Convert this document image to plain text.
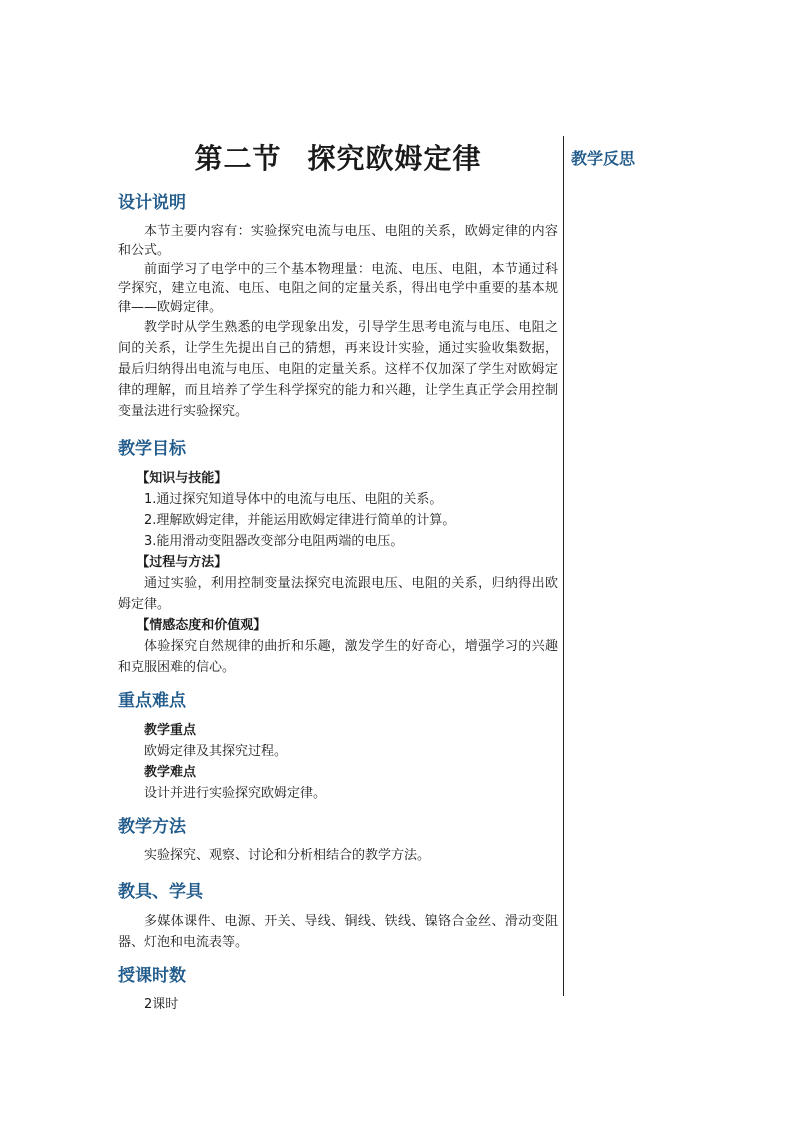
第二节 探究欧姆定律
设计说明

本节主要内容有：实验探究电流与电压、电阻的关系，欧姆定律的内容和公式。

前面学习了电学中的三个基本物理量：电流、电压、电阻，本节通过科学探究，建立电流、电压、电阻之间的定量关系，得出电学中重要的基本规律——欧姆定律。

教学时从学生熟悉的电学现象出发，引导学生思考电流与电压、电阻之间的关系，让学生先提出自己的猜想，再来设计实验，通过实验收集数据，最后归纳得出电流与电压、电阻的定量关系。这样不仅加深了学生对欧姆定律的理解，而且培养了学生科学探究的能力和兴趣，让学生真正学会用控制变量法进行实验探究。

教学目标

【知识与技能】

1.通过探究知道导体中的电流与电压、电阻的关系。

2.理解欧姆定律，并能运用欧姆定律进行简单的计算。

3.能用滑动变阻器改变部分电阻两端的电压。

【过程与方法】

通过实验，利用控制变量法探究电流跟电压、电阻的关系，归纳得出欧姆定律。

【情感态度和价值观】

体验探究自然规律的曲折和乐趣，激发学生的好奇心，增强学习的兴趣和克服困难的信心。

重点难点

教学重点

欧姆定律及其探究过程。

教学难点

设计并进行实验探究欧姆定律。

教学方法

实验探究、观察、讨论和分析相结合的教学方法。

教具、学具

多媒体课件、电源、开关、导线、铜线、铁线、镍铬合金丝、滑动变阻器、灯泡和电流表等。

授课时数

2课时

教学反思
